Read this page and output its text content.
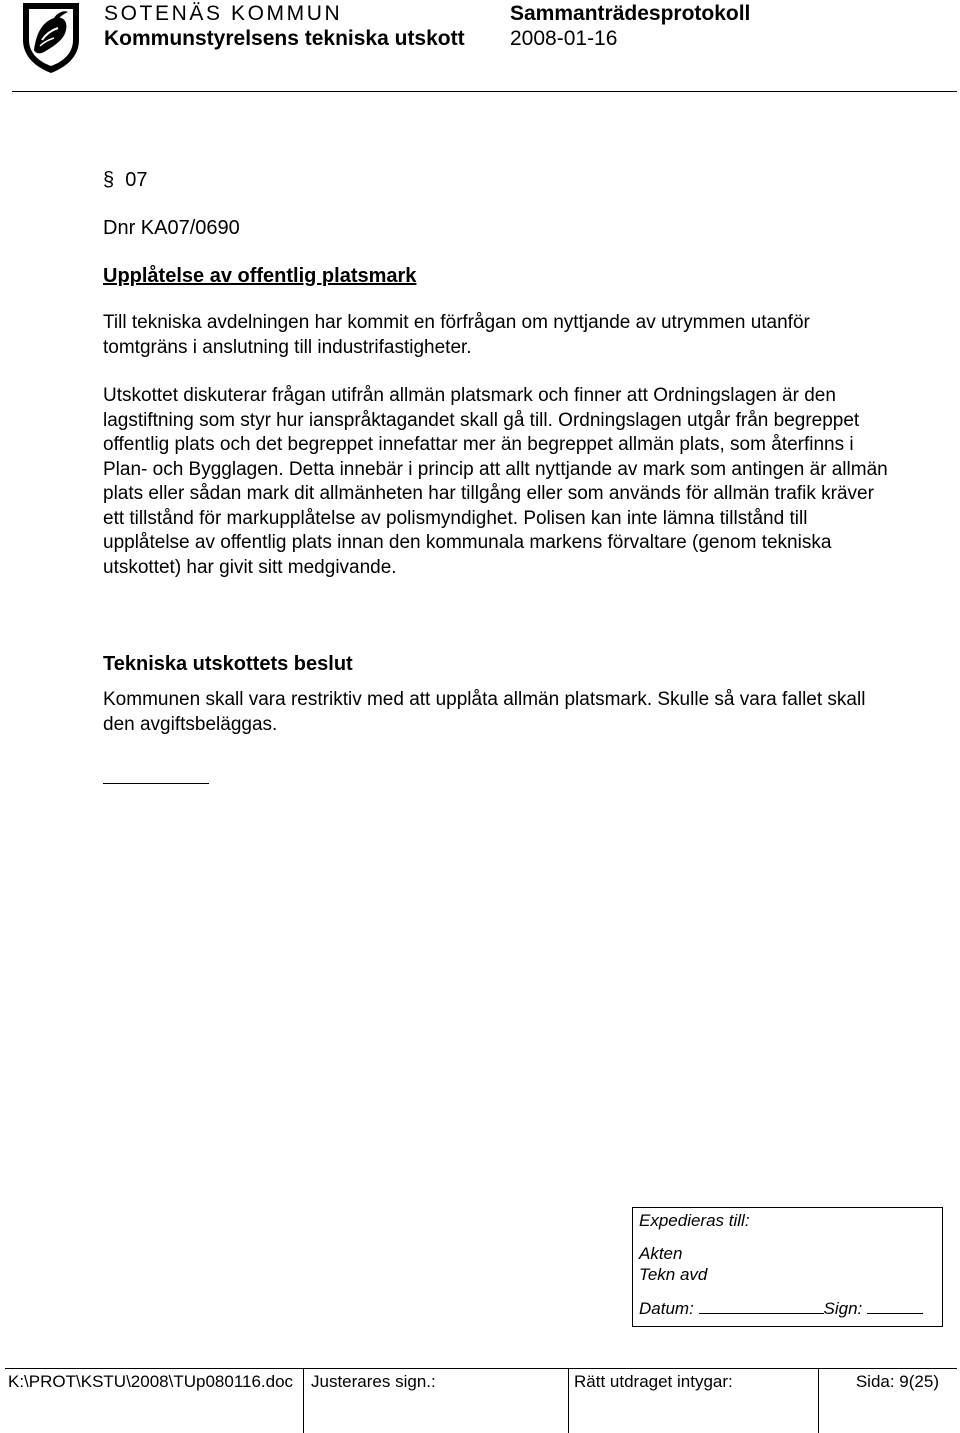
SOTENÄS KOMMUN
Kommunstyrelsens tekniska utskott
Sammanträdesprotokoll
2008-01-16
§ 07
Dnr KA07/0690
Upplåtelse av offentlig platsmark

Till tekniska avdelningen har kommit en förfrågan om nyttjande av utrymmen utanför tomtgräns i anslutning till industrifastigheter.

Utskottet diskuterar frågan utifrån allmän platsmark och finner att Ordningslagen är den lagstiftning som styr hur ianspråktagandet skall gå till. Ordningslagen utgår från begreppet offentlig plats och det begreppet innefattar mer än begreppet allmän plats, som återfinns i Plan- och Bygglagen. Detta innebär i princip att allt nyttjande av mark som antingen är allmän plats eller sådan mark dit allmänheten har tillgång eller som används för allmän trafik kräver ett tillstånd för markupplåtelse av polismyndighet. Polisen kan inte lämna tillstånd till upplåtelse av offentlig plats innan den kommunala markens förvaltare (genom tekniska utskottet) har givit sitt medgivande.

Tekniska utskottets beslut

Kommunen skall vara restriktiv med att upplåta allmän platsmark. Skulle så vara fallet skall den avgiftsbeläggas.

Expedieras till:
Akten
Tekn avd
Datum:	Sign:
K:\PROT\KSTU\2008\TUp080116.doc	Justerares sign.:	Rätt utdraget intygar:	Sida: 9(25)
